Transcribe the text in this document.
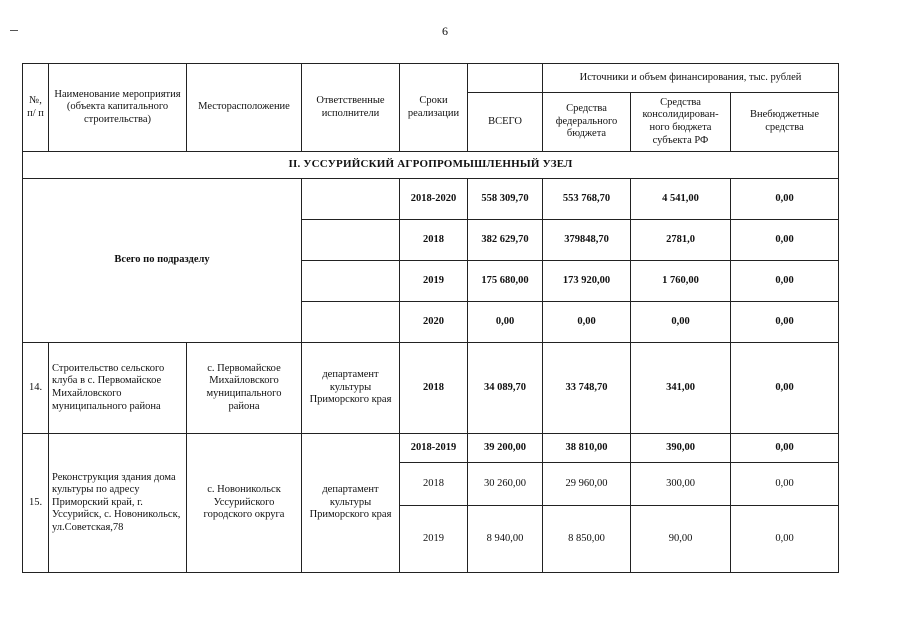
6
№, п/ п	Наименование мероприятия (объекта капитального строительства)	Месторасположение	Ответственные исполнители	Сроки реализации		Источники и объем финансирования, тыс. рублей		
					ВСЕГО	Средства федерального бюджета	Средства консолидирован-ного бюджета субъекта РФ	Внебюджетные средства
II. УССУРИЙСКИЙ АГРОПРОМЫШЛЕННЫЙ УЗЕЛ								
Всего по подразделу				2018-2020	558 309,70	553 768,70	4 541,00	0,00
				2018	382 629,70	379848,70	2781,0	0,00
				2019	175 680,00	173 920,00	1 760,00	0,00
				2020	0,00	0,00	0,00	0,00
14.	Строительство сельского клуба в с. Первомайское Михайловского муниципального района	с. Первомайское Михайловского муниципального района	департамент культуры Приморского края	2018	34 089,70	33 748,70	341,00	0,00
15.	Реконструкция здания дома культуры по адресу Приморский край, г. Уссурийск, с. Новоникольск, ул.Советская,78	с. Новоникольск Уссурийского городского округа	департамент культуры Приморского края	2018-2019	39 200,00	38 810,00	390,00	0,00
				2018	30 260,00	29 960,00	300,00	0,00
				2019	8 940,00	8 850,00	90,00	0,00
